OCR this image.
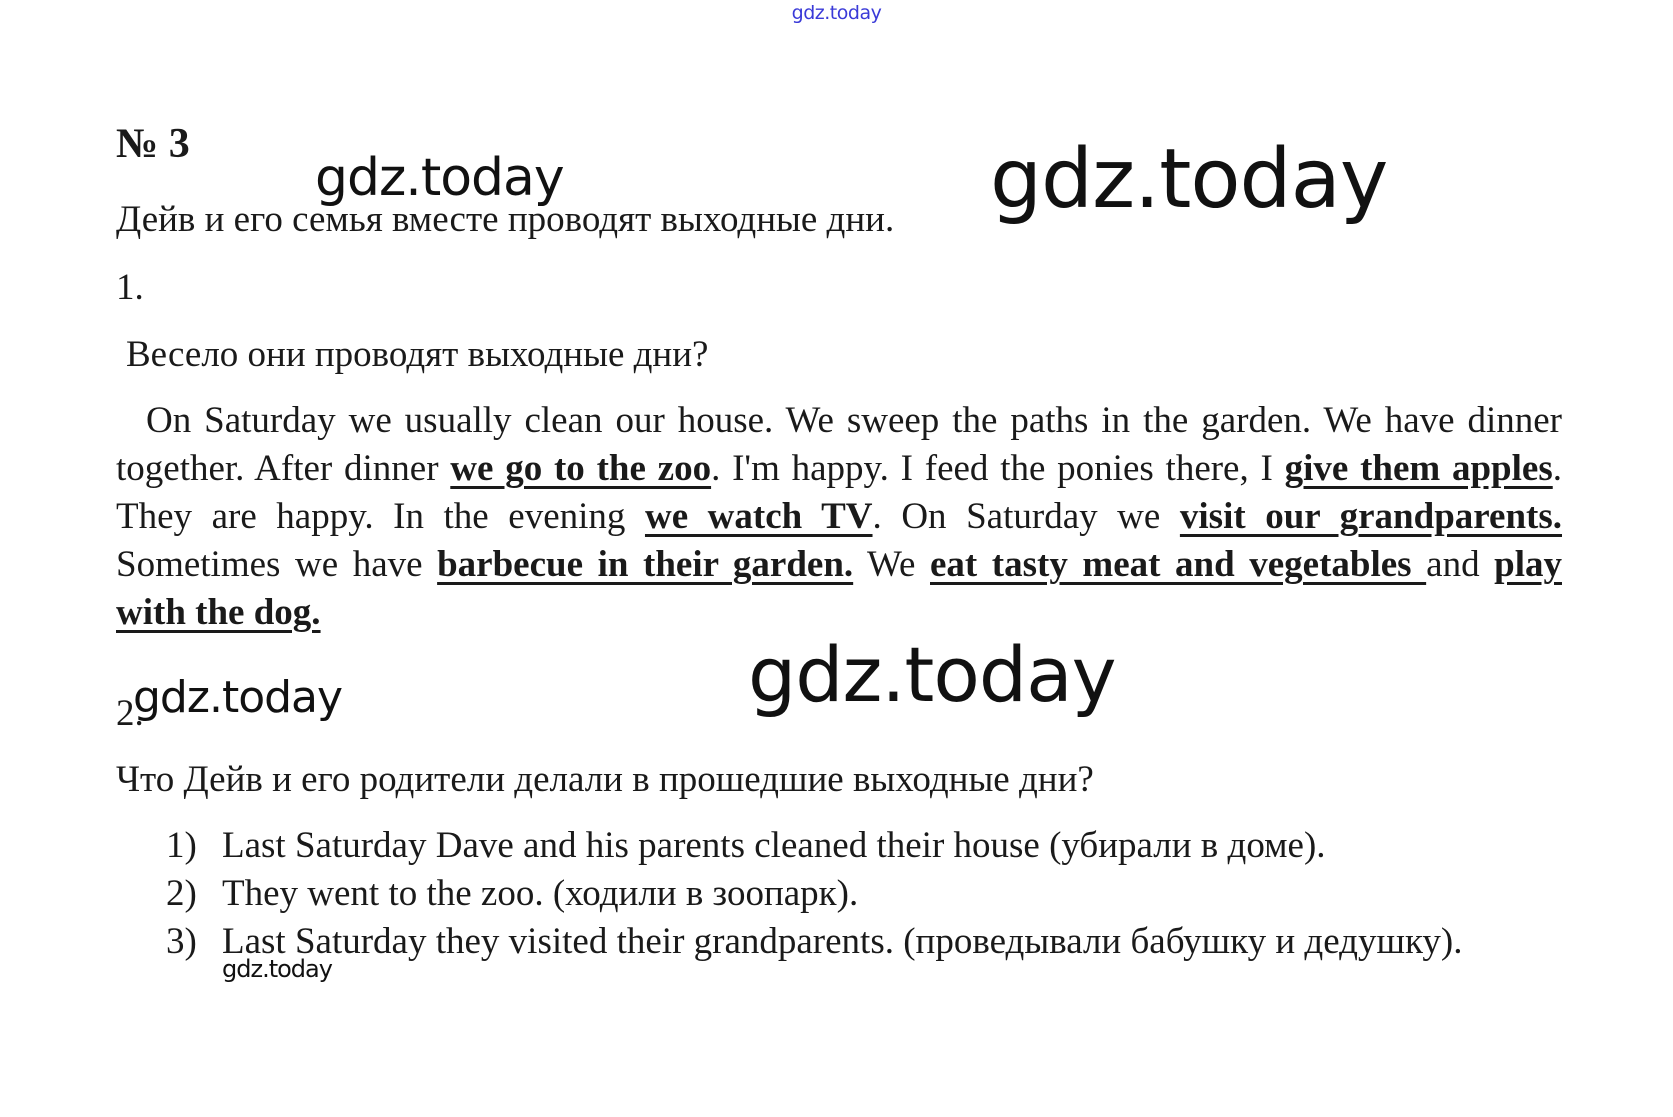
gdz.today
№ 3
Дейв и его семья вместе проводят выходные дни.
1.
Весело они проводят выходные дни?
On Saturday we usually clean our house. We sweep the paths in the garden. We have dinner together. After dinner we go to the zoo. I'm happy. I feed the ponies there, I give them apples. They are happy. In the evening we watch TV. On Saturday we visit our grandparents. Sometimes we have barbecue in their garden. We eat tasty meat and vegetables and play with the dog.
2.
Что Дейв и его родители делали в прошедшие выходные дни?
1) Last Saturday Dave and his parents cleaned their house (убирали в доме).
2) They went to the zoo. (ходили в зоопарк).
3) Last Saturday they visited their grandparents. (проведывали бабушку и дедушку).
gdz.today	gdz.today
gdz.today
gdz.today
gdz.today
